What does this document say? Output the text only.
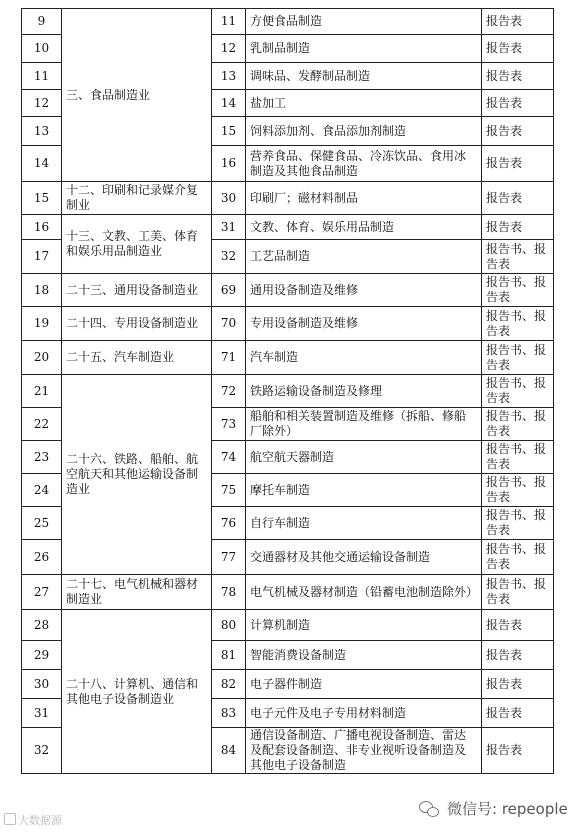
9	三、食品制造业	11	方便食品制造	报告表
10		12	乳制品制造	报告表
11		13	调味品、发酵制品制造	报告表
12		14	盐加工	报告表
13		15	饲料添加剂、食品添加剂制造	报告表
14		16	营养食品、保健食品、冷冻饮品、食用冰制造及其他食品制造	报告表
15	十二、印刷和记录媒介复制业	30	印刷厂；磁材料制品	报告表
16	十三、文教、工美、体育和娱乐用品制造业	31	文教、体育、娱乐用品制造	报告表
17		32	工艺品制造	报告书、报告表
18	二十三、通用设备制造业	69	通用设备制造及维修	报告书、报告表
19	二十四、专用设备制造业	70	专用设备制造及维修	报告书、报告表
20	二十五、汽车制造业	71	汽车制造	报告书、报告表
21	二十六、铁路、船舶、航空航天和其他运输设备制造业	72	铁路运输设备制造及修理	报告书、报告表
22		73	船舶和相关装置制造及维修（拆船、修船厂除外）	报告书、报告表
23		74	航空航天器制造	报告书、报告表
24		75	摩托车制造	报告书、报告表
25		76	自行车制造	报告书、报告表
26		77	交通器材及其他交通运输设备制造	报告书、报告表
27	二十七、电气机械和器材制造业	78	电气机械及器材制造（铅蓄电池制造除外）	报告书、报告表
28	二十八、计算机、通信和其他电子设备制造业	80	计算机制造	报告表
29		81	智能消费设备制造	报告表
30		82	电子器件制造	报告表
31		83	电子元件及电子专用材料制造	报告表
32		84	通信设备制造、广播电视设备制造、雷达及配套设备制造、非专业视听设备制造及其他电子设备制造	报告表
大数据源
微信号: repeople
